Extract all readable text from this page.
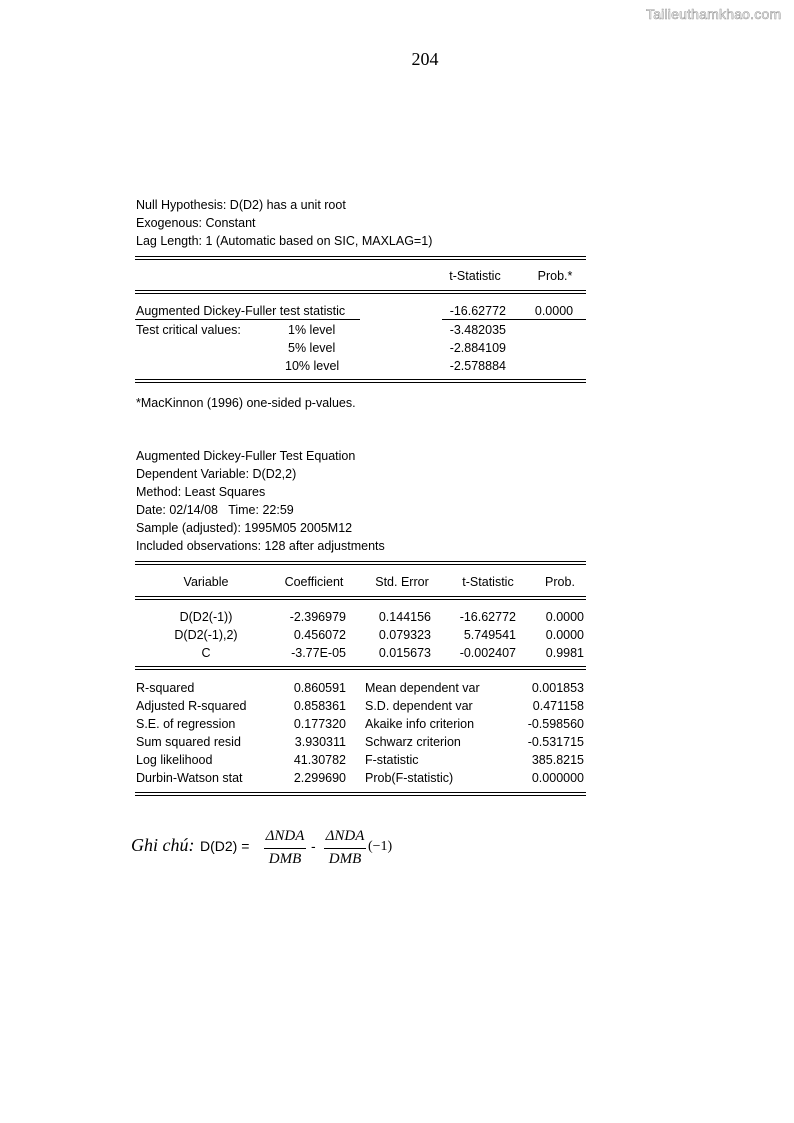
Tailieuthamkhao.com
204
Null Hypothesis: D(D2) has a unit root
Exogenous: Constant
Lag Length: 1 (Automatic based on SIC, MAXLAG=1)
t-Statistic	Prob.*
Augmented Dickey-Fuller test statistic	-16.62772	0.0000
Test critical values:	1% level	-3.482035
5% level	-2.884109
10% level	-2.578884
*MacKinnon (1996) one-sided p-values.
Augmented Dickey-Fuller Test Equation
Dependent Variable: D(D2,2)
Method: Least Squares
Date: 02/14/08   Time: 22:59
Sample (adjusted): 1995M05 2005M12
Included observations: 128 after adjustments
Variable	Coefficient	Std. Error	t-Statistic	Prob.
D(D2(-1))	-2.396979	0.144156	-16.62772	0.0000
D(D2(-1),2)	0.456072	0.079323	5.749541	0.0000
C	-3.77E-05	0.015673	-0.002407	0.9981
R-squared	0.860591 Mean dependent var	0.001853
Adjusted R-squared	0.858361 S.D. dependent var	0.471158
S.E. of regression	0.177320 Akaike info criterion	-0.598560
Sum squared resid	3.930311 Schwarz criterion	-0.531715
Log likelihood	41.30782 F-statistic	385.8215
Durbin-Watson stat	2.299690 Prob(F-statistic)	0.000000
Ghi chú: D(D2) =
ΔNDA
DMB
-
ΔNDA
DMB
(−1)
